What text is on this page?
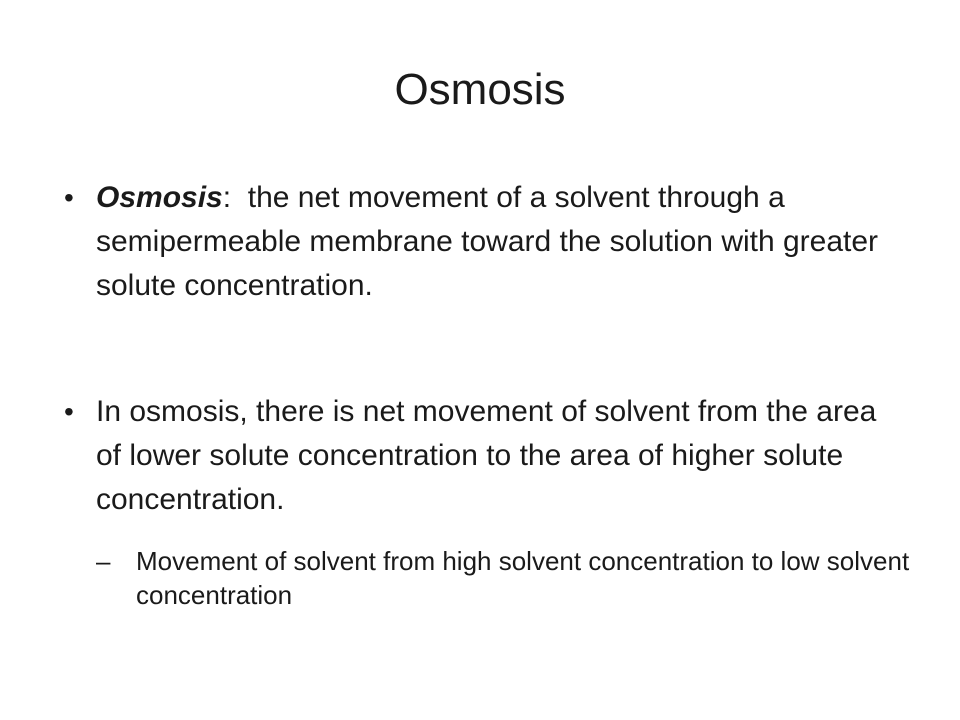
Osmosis
• Osmosis:  the net movement of a solvent through a semipermeable membrane toward the solution with greater solute concentration.
• In osmosis, there is net movement of solvent from the area of lower solute concentration to the area of higher solute concentration.
– Movement of solvent from high solvent concentration to low solvent concentration
